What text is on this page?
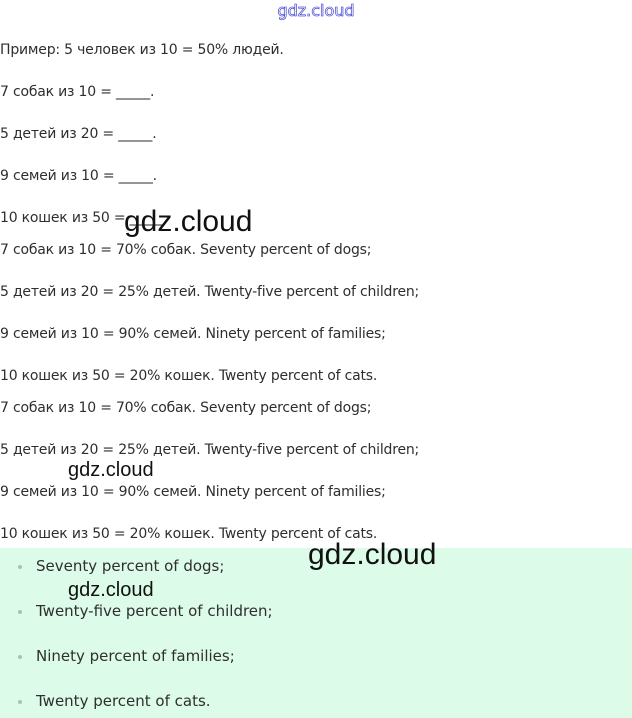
gdz.cloud

Пример: 5 человек из 10 = 50% людей.

7 собак из 10 = _____.

5 детей из 20 = _____.

9 семей из 10 = _____.

10 кошек из 50 = _____.

7 собак из 10 = 70% собак. Seventy percent of dogs;

5 детей из 20 = 25% детей. Twenty-five percent of children;

9 семей из 10 = 90% семей. Ninety percent of families;

10 кошек из 50 = 20% кошек. Twenty percent of cats.

7 собак из 10 = 70% собак. Seventy percent of dogs;

5 детей из 20 = 25% детей. Twenty-five percent of children;

9 семей из 10 = 90% семей. Ninety percent of families;

10 кошек из 50 = 20% кошек. Twenty percent of cats.

Seventy percent of dogs;
Twenty-five percent of children;
Ninety percent of families;
Twenty percent of cats.
gdz.cloud
gdz.cloud
gdz.cloud
gdz.cloud
